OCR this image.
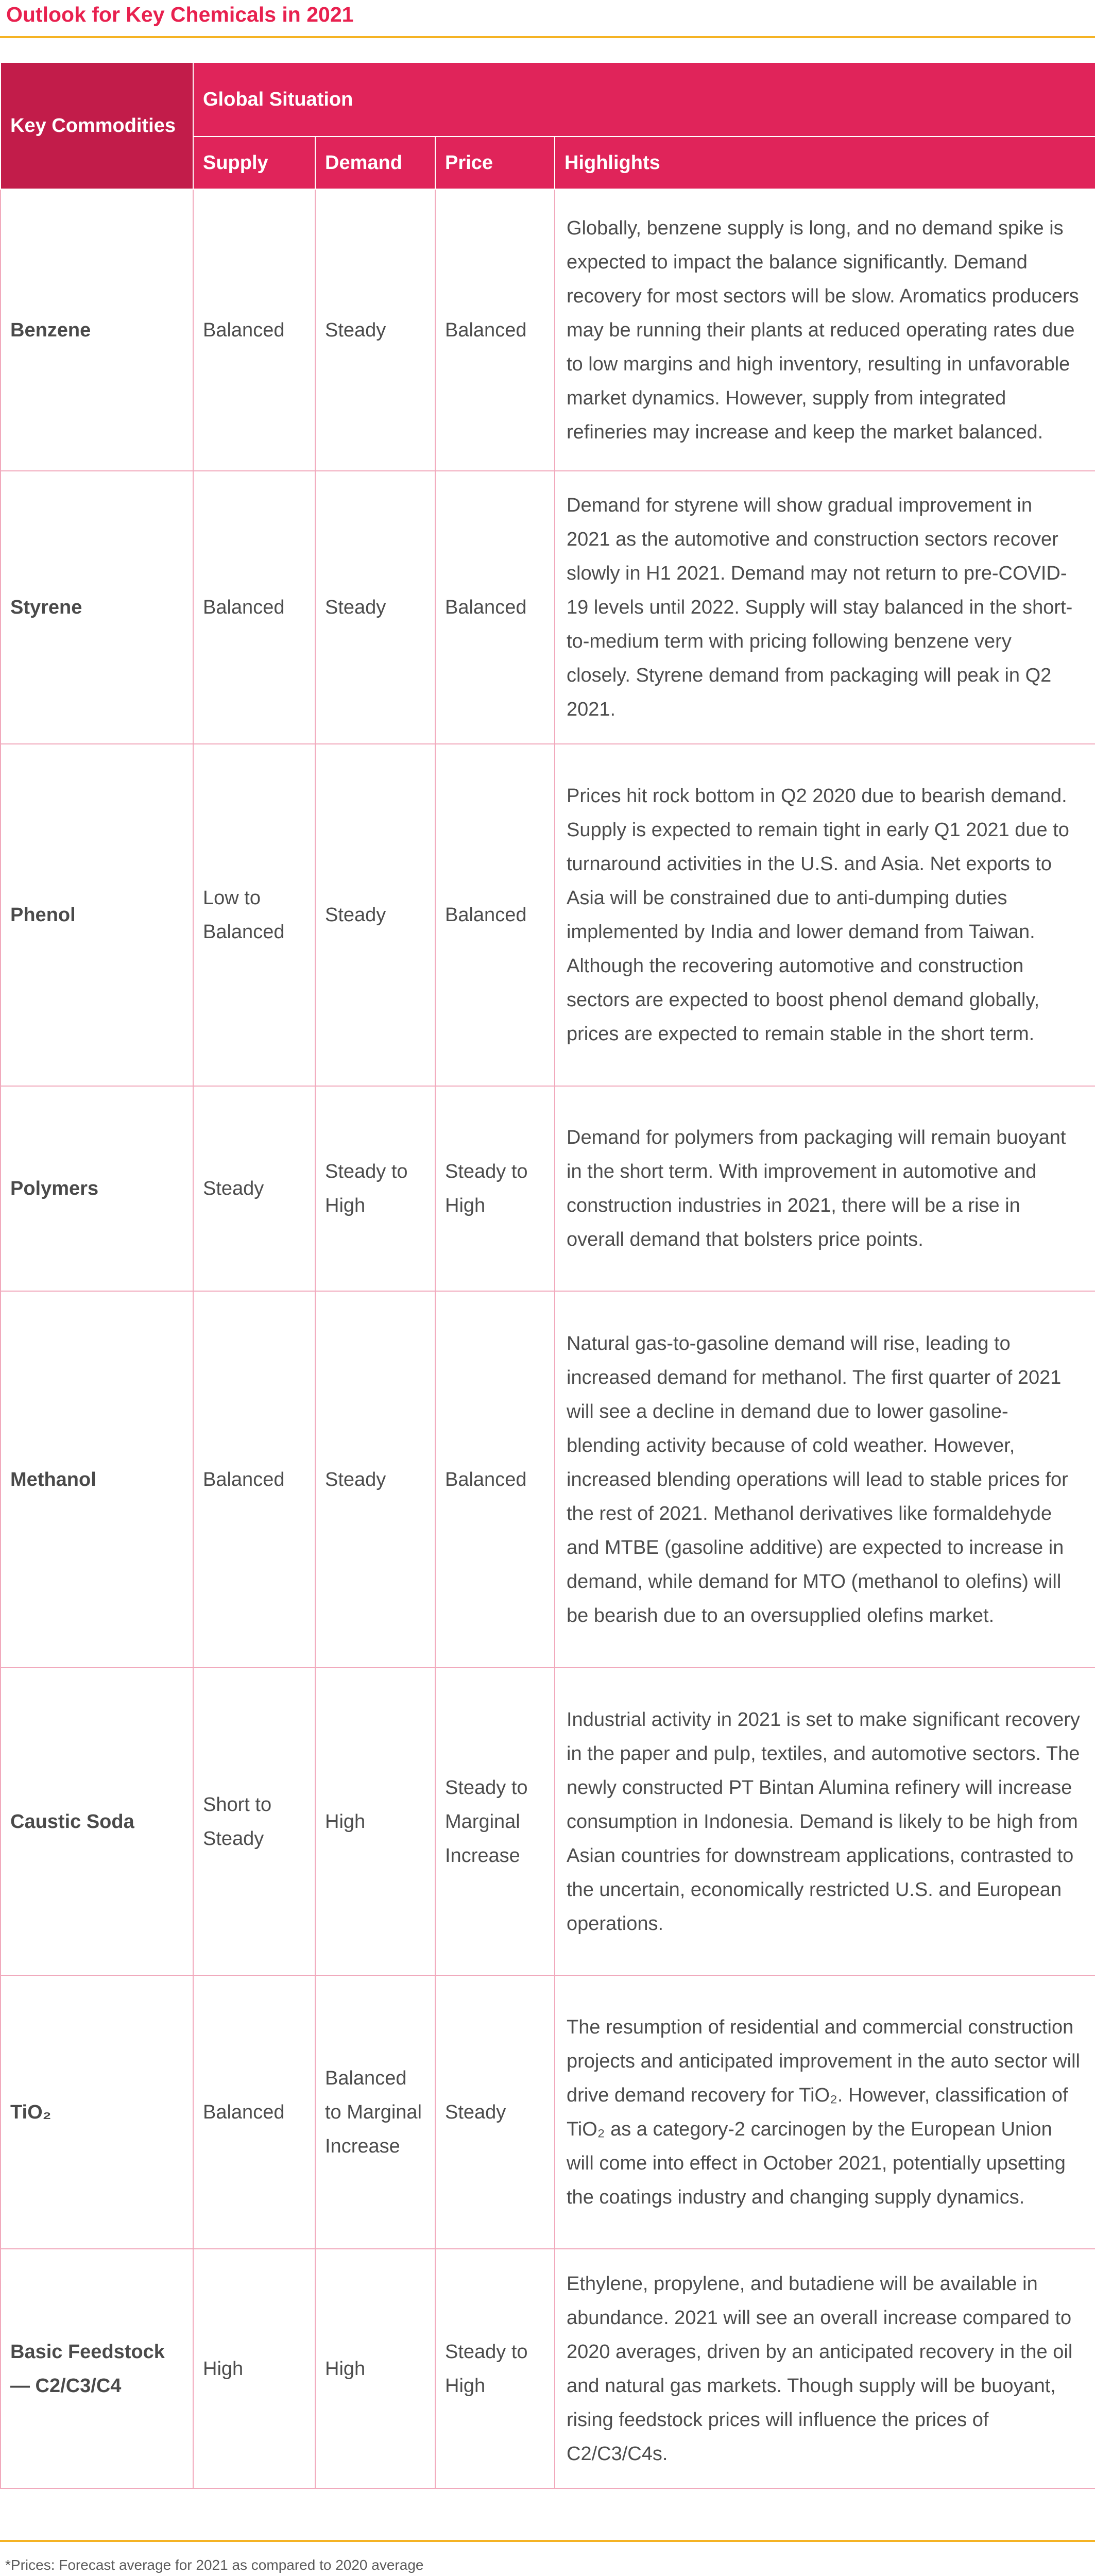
Outlook for Key Chemicals in 2021
Key Commodities	Global Situation			
	Supply	Demand	Price	Highlights
Benzene	Balanced	Steady	Balanced	Globally, benzene supply is long, and no demand spike is expected to impact the balance significantly. Demand recovery for most sectors will be slow. Aromatics producers may be running their plants at reduced operating rates due to low margins and high inventory, resulting in unfavorable market dynamics. However, supply from integrated refineries may increase and keep the market balanced.
Styrene	Balanced	Steady	Balanced	Demand for styrene will show gradual improvement in 2021 as the automotive and construction sectors recover slowly in H1 2021. Demand may not return to pre-COVID-19 levels until 2022. Supply will stay balanced in the short-to-medium term with pricing following benzene very closely. Styrene demand from packaging will peak in Q2 2021.
Phenol	Low to Balanced	Steady	Balanced	Prices hit rock bottom in Q2 2020 due to bearish demand. Supply is expected to remain tight in early Q1 2021 due to turnaround activities in the U.S. and Asia. Net exports to Asia will be constrained due to anti-dumping duties implemented by India and lower demand from Taiwan. Although the recovering automotive and construction sectors are expected to boost phenol demand globally, prices are expected to remain stable in the short term.
Polymers	Steady	Steady to High	Steady to High	Demand for polymers from packaging will remain buoyant in the short term. With improvement in automotive and construction industries in 2021, there will be a rise in overall demand that bolsters price points.
Methanol	Balanced	Steady	Balanced	Natural gas-to-gasoline demand will rise, leading to increased demand for methanol. The first quarter of 2021 will see a decline in demand due to lower gasoline-blending activity because of cold weather. However, increased blending operations will lead to stable prices for the rest of 2021. Methanol derivatives like formaldehyde and MTBE (gasoline additive) are expected to increase in demand, while demand for MTO (methanol to olefins) will be bearish due to an oversupplied olefins market.
Caustic Soda	Short to Steady	High	Steady to Marginal Increase	Industrial activity in 2021 is set to make significant recovery in the paper and pulp, textiles, and automotive sectors. The newly constructed PT Bintan Alumina refinery will increase consumption in Indonesia. Demand is likely to be high from Asian countries for downstream applications, contrasted to the uncertain, economically restricted U.S. and European operations.
TiO₂	Balanced	Balanced to Marginal Increase	Steady	The resumption of residential and commercial construction projects and anticipated improvement in the auto sector will drive demand recovery for TiO₂. However, classification of TiO₂ as a category-2 carcinogen by the European Union will come into effect in October 2021, potentially upsetting the coatings industry and changing supply dynamics.
Basic Feedstock — C2/C3/C4	High	High	Steady to High	Ethylene, propylene, and butadiene will be available in abundance. 2021 will see an overall increase compared to 2020 averages, driven by an anticipated recovery in the oil and natural gas markets. Though supply will be buoyant, rising feedstock prices will influence the prices of C2/C3/C4s.
*Prices: Forecast average for 2021 as compared to 2020 average
